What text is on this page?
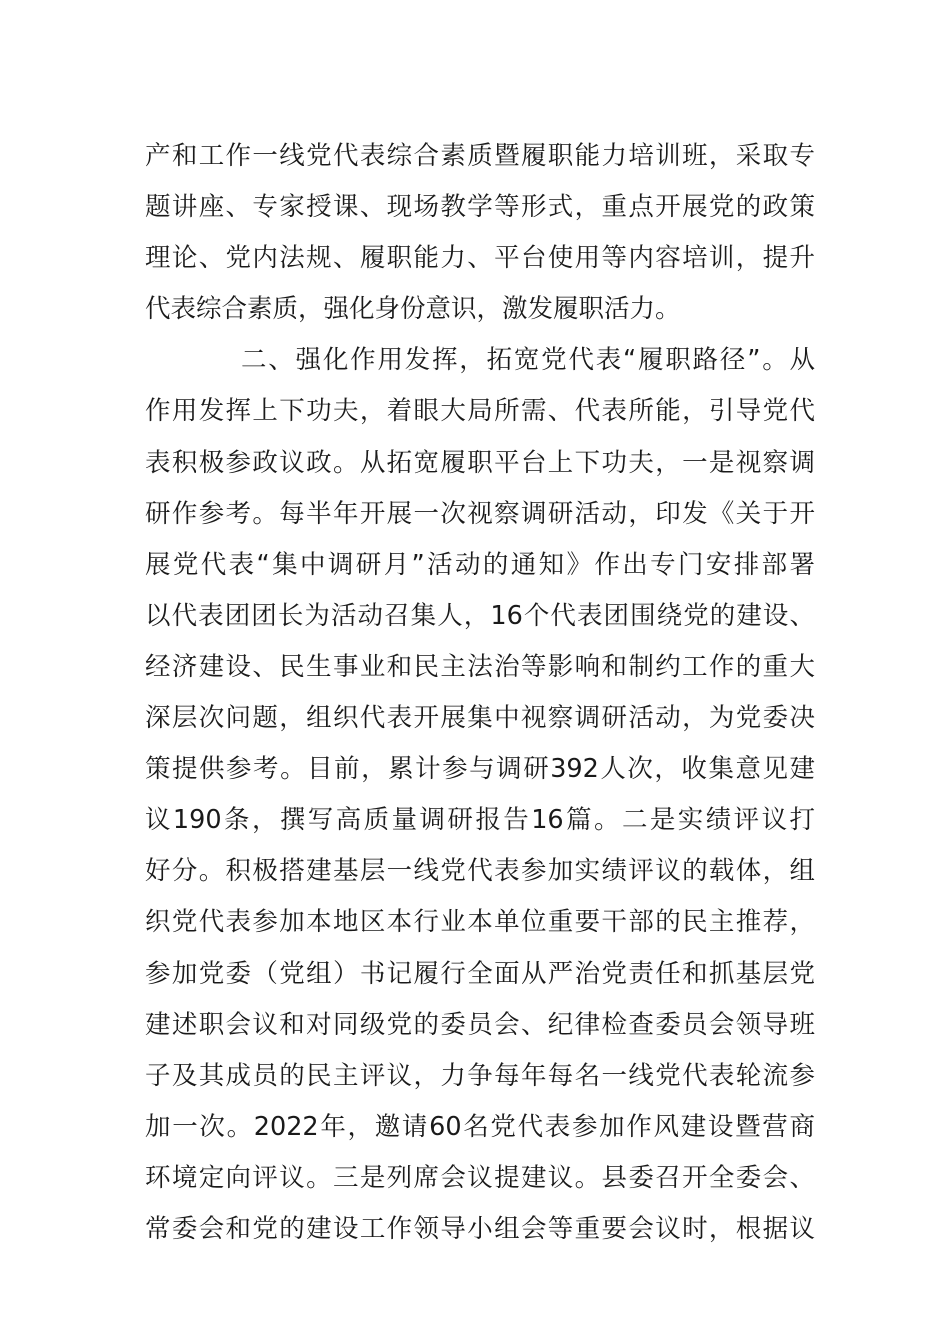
产和工作一线党代表综合素质暨履职能力培训班，采取专
题讲座、专家授课、现场教学等形式，重点开展党的政策
理论、党内法规、履职能力、平台使用等内容培训，提升
代表综合素质，强化身份意识，激发履职活力。
二、强化作用发挥，拓宽党代表“履职路径”。从
作用发挥上下功夫，着眼大局所需、代表所能，引导党代
表积极参政议政。从拓宽履职平台上下功夫，一是视察调
研作参考。每半年开展一次视察调研活动，印发《关于开
展党代表“集中调研月”活动的通知》作出专门安排部署
以代表团团长为活动召集人，16个代表团围绕党的建设、
经济建设、民生事业和民主法治等影响和制约工作的重大
深层次问题，组织代表开展集中视察调研活动，为党委决
策提供参考。目前，累计参与调研392人次，收集意见建
议190条，撰写高质量调研报告16篇。二是实绩评议打
好分。积极搭建基层一线党代表参加实绩评议的载体，组
织党代表参加本地区本行业本单位重要干部的民主推荐，
参加党委（党组）书记履行全面从严治党责任和抓基层党
建述职会议和对同级党的委员会、纪律检查委员会领导班
子及其成员的民主评议，力争每年每名一线党代表轮流参
加一次。2022年，邀请60名党代表参加作风建设暨营商
环境定向评议。三是列席会议提建议。县委召开全委会、
常委会和党的建设工作领导小组会等重要会议时，根据议
